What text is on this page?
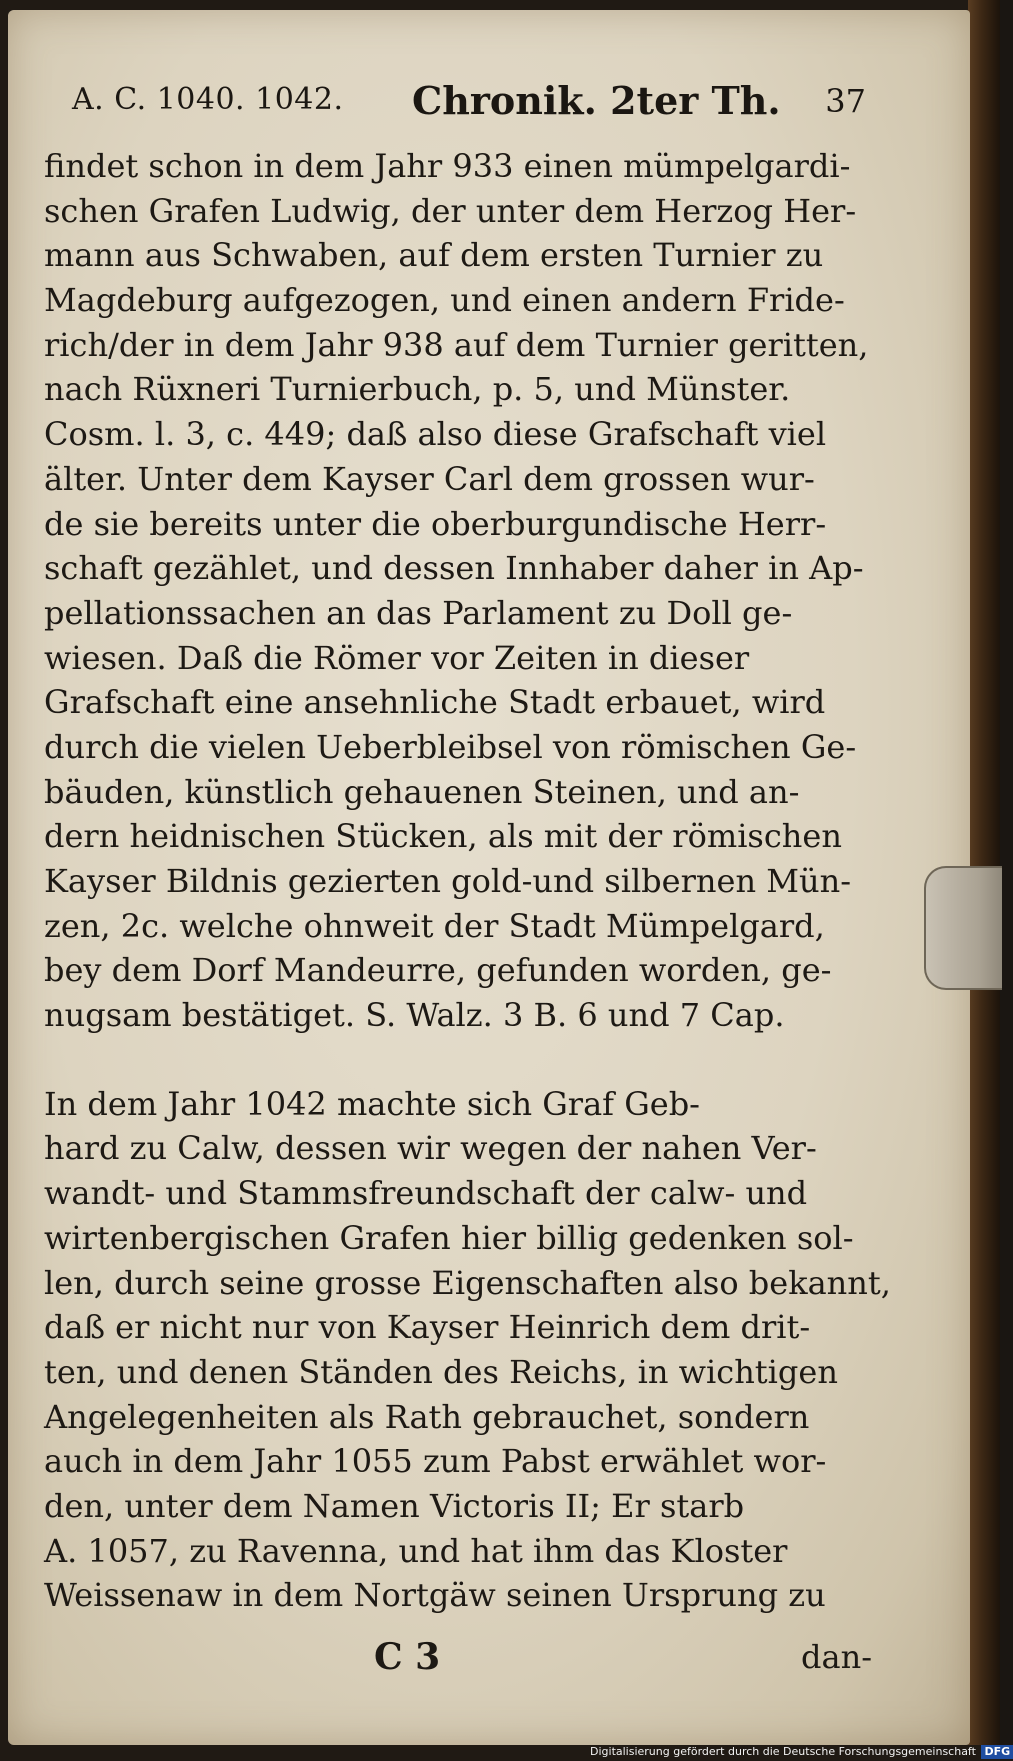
A. C. 1040. 1042. Chronik. 2ter Th. 37
findet schon in dem Jahr 933 einen mümpelgardi-
schen Grafen Ludwig, der unter dem Herzog Her-
mann aus Schwaben, auf dem ersten Turnier zu
Magdeburg aufgezogen, und einen andern Fride-
rich/der in dem Jahr 938 auf dem Turnier geritten,
nach Rüxneri Turnierbuch, p. 5, und Münster.
Cosm. l. 3, c. 449; daß also diese Grafschaft viel
älter. Unter dem Kayser Carl dem grossen wur-
de sie bereits unter die oberburgundische Herr-
schaft gezählet, und dessen Innhaber daher in Ap-
pellationssachen an das Parlament zu Doll ge-
wiesen. Daß die Römer vor Zeiten in dieser
Grafschaft eine ansehnliche Stadt erbauet, wird
durch die vielen Ueberbleibsel von römischen Ge-
bäuden, künstlich gehauenen Steinen, und an-
dern heidnischen Stücken, als mit der römischen
Kayser Bildnis gezierten gold-und silbernen Mün-
zen, 2c. welche ohnweit der Stadt Mümpelgard,
bey dem Dorf Mandeurre, gefunden worden, ge-
nugsam bestätiget. S. Walz. 3 B. 6 und 7 Cap.
In dem Jahr 1042 machte sich Graf Geb-
hard zu Calw, dessen wir wegen der nahen Ver-
wandt- und Stammsfreundschaft der calw- und
wirtenbergischen Grafen hier billig gedenken sol-
len, durch seine grosse Eigenschaften also bekannt,
daß er nicht nur von Kayser Heinrich dem drit-
ten, und denen Ständen des Reichs, in wichtigen
Angelegenheiten als Rath gebrauchet, sondern
auch in dem Jahr 1055 zum Pabst erwählet wor-
den, unter dem Namen Victoris II; Er starb
A. 1057, zu Ravenna, und hat ihm das Kloster
Weissenaw in dem Nortgäw seinen Ursprung zu
C 3	dan-
Digitalisierung gefördert durch die Deutsche Forschungsgemeinschaft DFG
